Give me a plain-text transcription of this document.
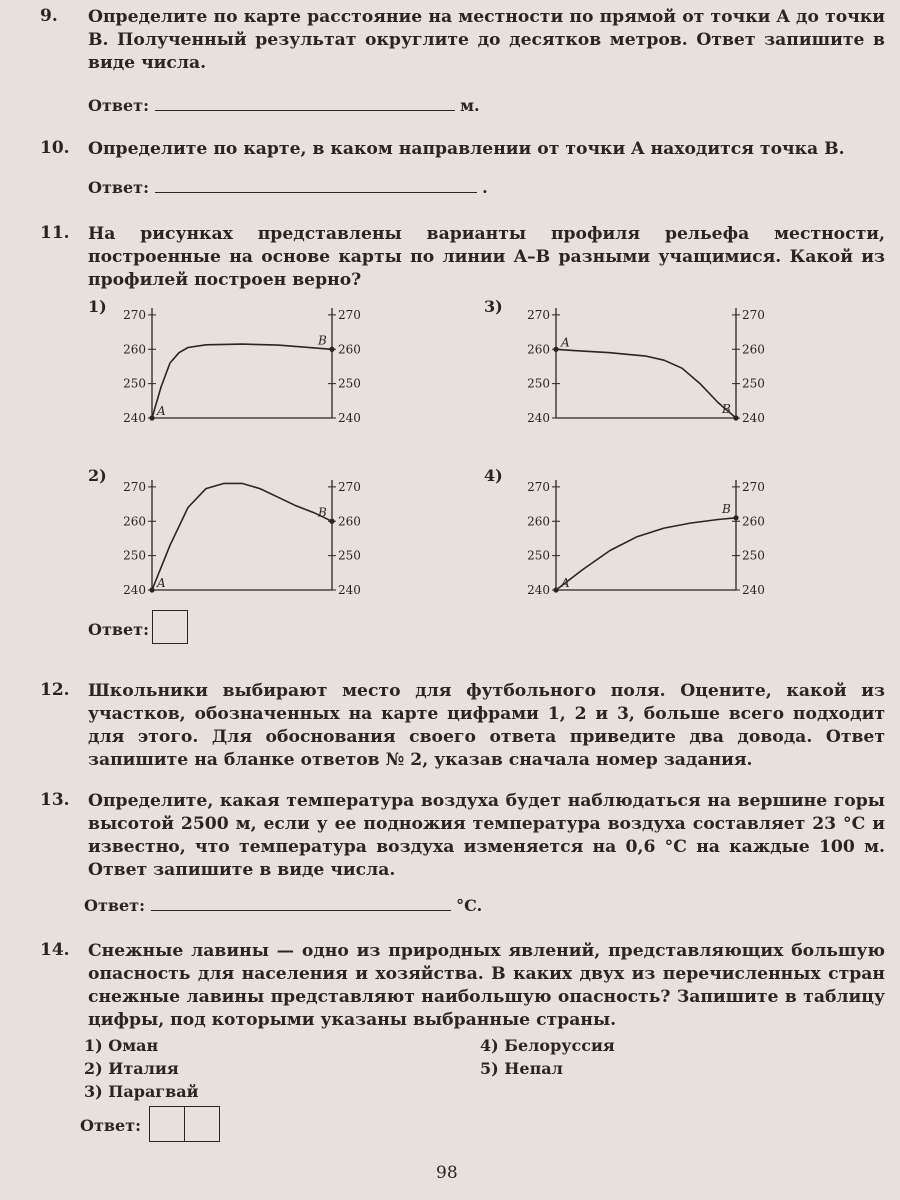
9.	Определите по карте расстояние на местности по прямой от точки A до точки B. Полученный результат округлите до десятков метров. Ответ запишите в виде числа.
Ответ:	м.
10.	Определите по карте, в каком направлении от точки A находится точка B.
Ответ:	.
11.	На рисунках представлены варианты профиля рельефа местности, построенные на основе карты по линии A–B разными учащимися. Какой из профилей построен верно?
1)
240	240
250	250
260	260
270	270
A
B
3)
240	240
250	250
260	260
270	270
A
B
2)
240	240
250	250
260	260
270	270
A
B
4)
240	240
250	250
260	260
270	270
A
B
Ответ:
12.	Школьники выбирают место для футбольного поля. Оцените, какой из участков, обозначенных на карте цифрами 1, 2 и 3, больше всего подходит для этого. Для обоснования своего ответа приведите два довода. Ответ запишите на бланке ответов № 2, указав сначала номер задания.
13.	Определите, какая температура воздуха будет наблюдаться на вершине горы высотой 2500 м, если у ее подножия температура воздуха составляет 23 °C и известно, что температура воздуха изменяется на 0,6 °C на каждые 100 м. Ответ запишите в виде числа.
Ответ:	°C.
14.	Снежные лавины — одно из природных явлений, представляющих большую опасность для населения и хозяйства. В каких двух из перечисленных стран снежные лавины представляют наибольшую опасность? Запишите в таблицу цифры, под которыми указаны выбранные страны.
1) Оман
2) Италия
3) Парагвай
4) Белоруссия
5) Непал
Ответ:
98
